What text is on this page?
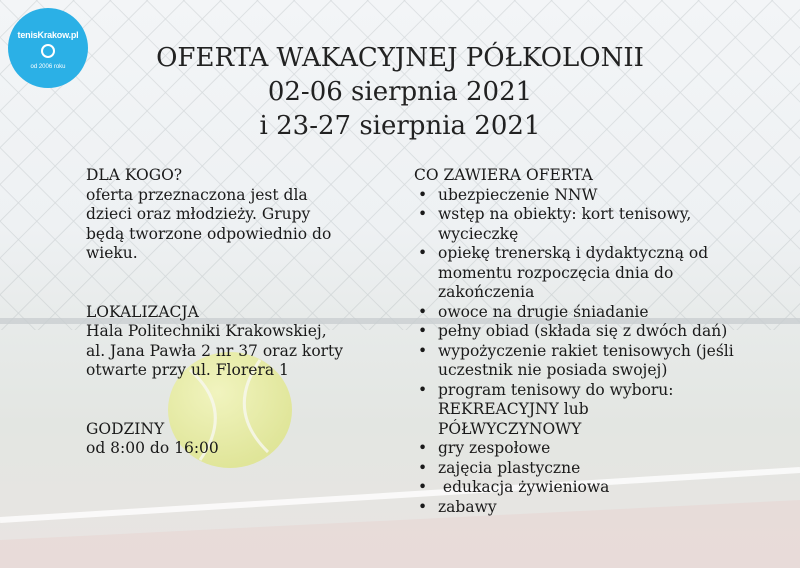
tenisKrakow.pl
od 2006 roku	OFERTA WAKACYJNEJ PÓŁKOLONII
02-06 sierpnia 2021
i 23-27 sierpnia 2021
DLA KOGO?
oferta przeznaczona jest dla
dzieci oraz młodzieży. Grupy
będą tworzone odpowiednio do
wieku.
LOKALIZACJA
Hala Politechniki Krakowskiej,
al. Jana Pawła 2 nr 37 oraz korty
otwarte przy ul. Florera 1
GODZINY
od 8:00 do 16:00
CO ZAWIERA OFERTA
• ubezpieczenie NNW
• wstęp na obiekty: kort tenisowy,
wycieczkę
• opiekę trenerską i dydaktyczną od
momentu rozpoczęcia dnia do
zakończenia
• owoce na drugie śniadanie
• pełny obiad (składa się z dwóch dań)
• wypożyczenie rakiet tenisowych (jeśli
uczestnik nie posiada swojej)
• program tenisowy do wyboru:
REKREACYJNY lub
PÓŁWYCZYNOWY
• gry zespołowe
• zajęcia plastyczne
•  edukacja żywieniowa
• zabawy
